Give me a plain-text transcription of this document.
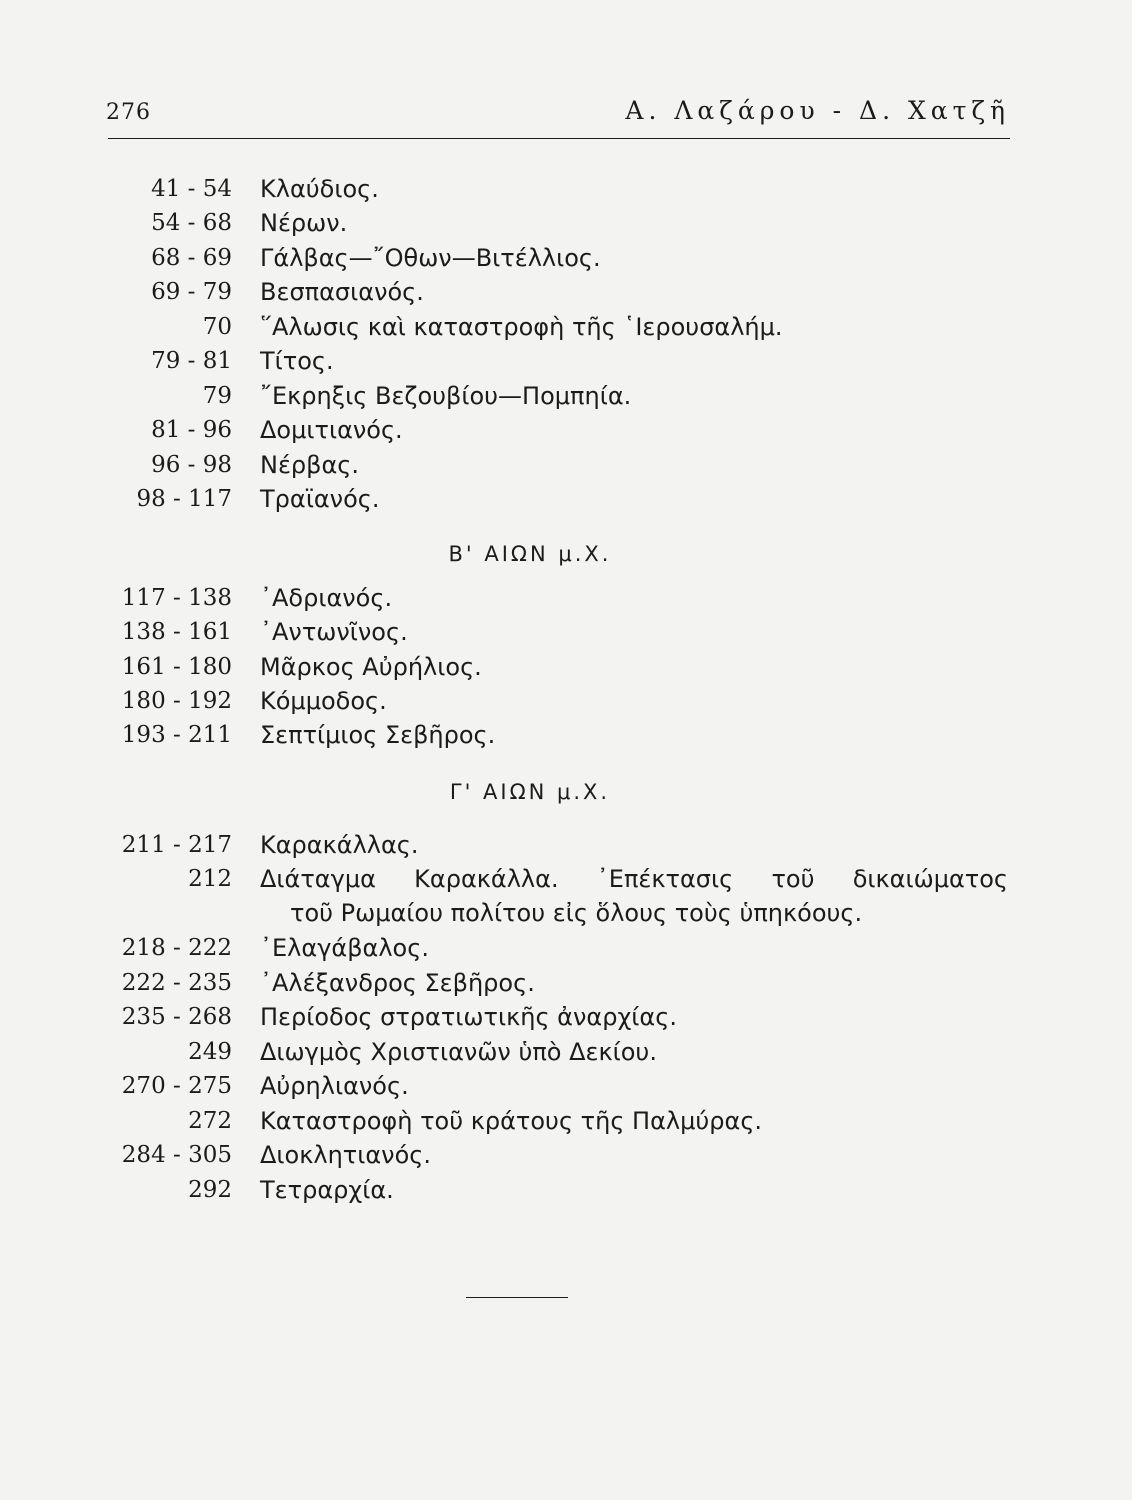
276	Α. Λαζάρου - Δ. Χατζῆ
41 - 54 Κλαύδιος.
54 - 68 Νέρων.
68 - 69 Γάλβας—῎Οθων—Βιτέλλιος.
69 - 79 Βεσπασιανός.
70 ῞Αλωσις καὶ καταστροφὴ τῆς ῾Ιερουσαλήμ.
79 - 81 Τίτος.
79 ῎Εκρηξις Βεζουβίου—Πομπηία.
81 - 96 Δομιτιανός.
96 - 98 Νέρβας.
98 - 117 Τραϊανός.
Β' ΑΙΩΝ μ.Χ.
117 - 138 ᾿Αδριανός.
138 - 161 ᾿Αντωνῖνος.
161 - 180 Μᾶρκος Αὐρήλιος.
180 - 192 Κόμμοδος.
193 - 211 Σεπτίμιος Σεβῆρος.
Γ' ΑΙΩΝ μ.Χ.
211 - 217 Καρακάλλας.
212 Διάταγμα Καρακάλλα. ᾿Επέκτασις τοῦ δικαιώματος
τοῦ Ρωμαίου πολίτου εἰς ὅλους τοὺς ὑπηκόους.
218 - 222 ᾿Ελαγάβαλος.
222 - 235 ᾿Αλέξανδρος Σεβῆρος.
235 - 268 Περίοδος στρατιωτικῆς ἀναρχίας.
249 Διωγμὸς Χριστιανῶν ὑπὸ Δεκίου.
270 - 275 Αὐρηλιανός.
272 Καταστροφὴ τοῦ κράτους τῆς Παλμύρας.
284 - 305 Διοκλητιανός.
292 Τετραρχία.
